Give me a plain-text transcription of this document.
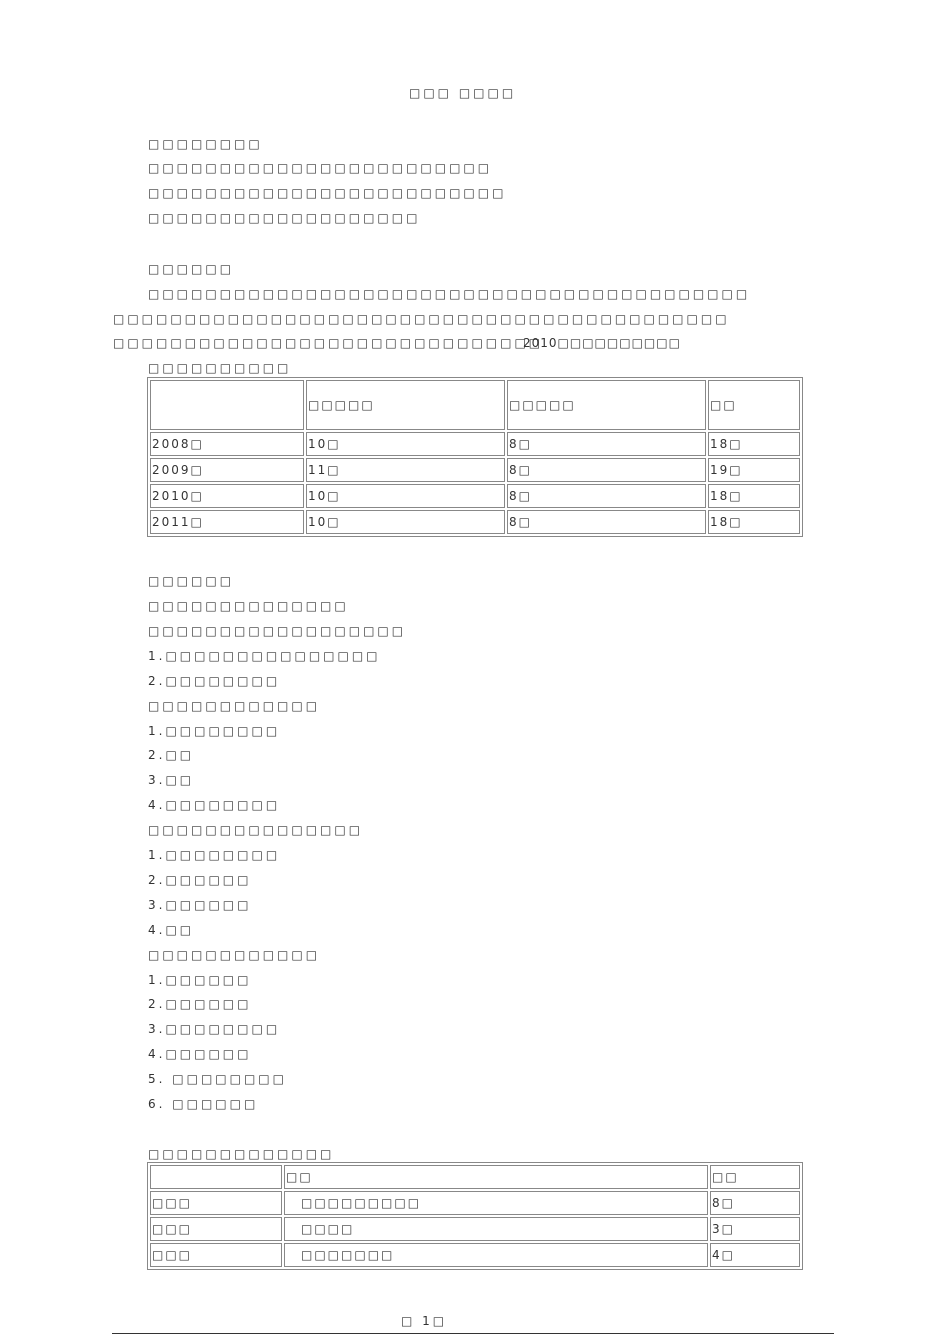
□□□ □□□□
□□□□□□□□
□□□□□□□□□□□□□□□□□□□□□□□□
□□□□□□□□□□□□□□□□□□□□□□□□□
□□□□□□□□□□□□□□□□□□□
□□□□□□
□□□□□□□□□□□□□□□□□□□□□□□□□□□□□□□□□□□□□□□□□□
□□□□□□□□□□□□□□□□□□□□□□□□□□□□□□□□□□□□□□□□□□□
□□□□□□□□□□□□□□□□□□□□□□□□□□□□□□
2010□□□□□□□□□□
□□□□□□□□□□
	□□□□□	□□□□□	□□
2008□	10□	8□	18□
2009□	11□	8□	19□
2010□	10□	8□	18□
2011□	10□	8□	18□
□□□□□□
□□□□□□□□□□□□□□
□□□□□□□□□□□□□□□□□□
1.□□□□□□□□□□□□□□□
2.□□□□□□□□
□□□□□□□□□□□□
1.□□□□□□□□
2.□□
3.□□
4.□□□□□□□□
□□□□□□□□□□□□□□□
1.□□□□□□□□
2.□□□□□□
3.□□□□□□
4.□□
□□□□□□□□□□□□
1.□□□□□□
2.□□□□□□
3.□□□□□□□□
4.□□□□□□
5. □□□□□□□□
6. □□□□□□
□□□□□□□□□□□□□
	□□	□□
□□□	□□□□□□□□□	8□
□□□	□□□□	3□
□□□	□□□□□□□	4□
□ 1□
